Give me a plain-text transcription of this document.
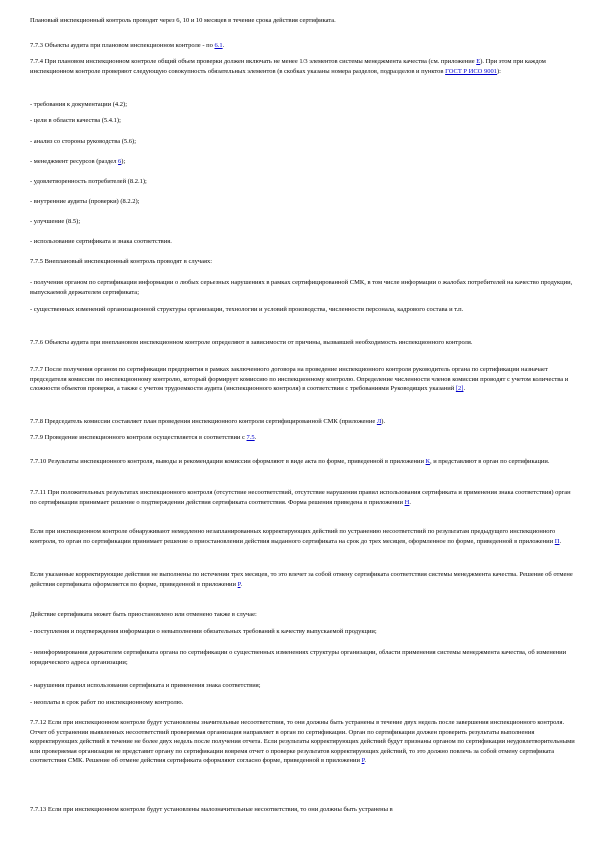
Плановый инспекционный контроль проводят через 6, 10 и 10 месяцев в течение срока действия сертификата.

7.7.3 Объекты аудита при плановом инспекционном контроле - по 6.1.

7.7.4 При плановом инспекционном контроле общий объем проверки должен включать не менее 1/3 элементов системы менеджмента качества (см. приложение Е). При этом при каждом инспекционном контроле проверяют следующую совокупность обязательных элементов (в скобках указаны номера разделов, подразделов и пунктов ГОСТ Р ИСО 9001):

- требования к документации (4.2);

- цели в области качества (5.4.1);

- анализ со стороны руководства (5.6);

- менеджмент ресурсов (раздел 6);

- удовлетворенность потребителей (8.2.1);

- внутренние аудиты (проверки) (8.2.2);

- улучшение (8.5);

- использование сертификата и знака соответствия.

7.7.5 Внеплановый инспекционный контроль проводят в случаях:

- получения органом по сертификации информации о любых серьезных нарушениях в рамках сертифицированной СМК, в том числе информации о жалобах потребителей на качество продукции, выпускаемой держателем сертификата;

- существенных изменений организационной структуры организации, технологии и условий производства, численности персонала, кадрового состава и т.п.

7.7.6 Объекты аудита при внеплановом инспекционном контроле определяют в зависимости от причины, вызвавшей необходимость инспекционного контроля.

7.7.7 После получения органом по сертификации предприятия в рамках заключенного договора на проведение инспекционного контроля руководитель органа по сертификации назначает председателя комиссии по инспекционному контролю, который формирует комиссию по инспекционному контролю. Определение численности членов комиссии проводят с учетом количества и сложности объектов проверки, а также с учетом трудоемкости аудита (инспекционного контроля) в соответствии с требованиями Руководящих указаний [2].

7.7.8 Председатель комиссии составляет план проведения инспекционного контроля сертифицированной СМК (приложение Л).

7.7.9 Проведение инспекционного контроля осуществляется в соответствии с 7.5.

7.7.10 Результаты инспекционного контроля, выводы и рекомендации комиссии оформляют в виде акта по форме, приведенной в приложении К, и представляют в орган по сертификации.

7.7.11 При положительных результатах инспекционного контроля (отсутствие несоответствий, отсутствие нарушения правил использования сертификата и применения знака соответствия) орган по сертификации принимает решение о подтверждении действия сертификата соответствия. Форма решения приведена в приложении Н.

Если при инспекционном контроле обнаруживают немедленно незапланированных корректирующих действий по устранению несоответствий по результатам предыдущего инспекционного контроля, то орган по сертификации принимает решение о приостановлении действия выданного сертификата на срок до трех месяцев, оформленное по форме, приведенной в приложении П.

Если указанные корректирующие действия не выполнены по истечении трех месяцев, то это влечет за собой отмену сертификата соответствия системы менеджмента качества. Решение об отмене действия сертификата оформляется по форме, приведенной в приложении Р.

Действие сертификата может быть приостановлено или отменено также в случае:

- поступления и подтверждения информации о невыполнении обязательных требований к качеству выпускаемой продукции;

- неинформирования держателем сертификата органа по сертификации о существенных изменениях структуры организации, области применения системы менеджмента качества, об изменении юридического адреса организации;

- нарушения правил использования сертификата и применения знака соответствия;

- неоплаты в срок работ по инспекционному контролю.

7.7.12 Если при инспекционном контроле будут установлены значительные несоответствия, то они должны быть устранены в течение двух недель после завершения инспекционного контроля. Отчет об устранении выявленных несоответствий проверяемая организация направляет в орган по сертификации. Орган по сертификации должен проверить результаты выполнения корректирующих действий в течение не более двух недель после получения отчета. Если результаты корректирующих действий будут признаны органом по сертификации неудовлетворительными или проверяемая организация не представит органу по сертификации вовремя отчет о проверке результатов корректирующих действий, то это должно повлечь за собой отмену сертификата соответствия СМК. Решение об отмене действия сертификата оформляют согласно форме, приведенной в приложении Р.

7.7.13 Если при инспекционном контроле будут установлены малозначительные несоответствия, то они должны быть устранены в
